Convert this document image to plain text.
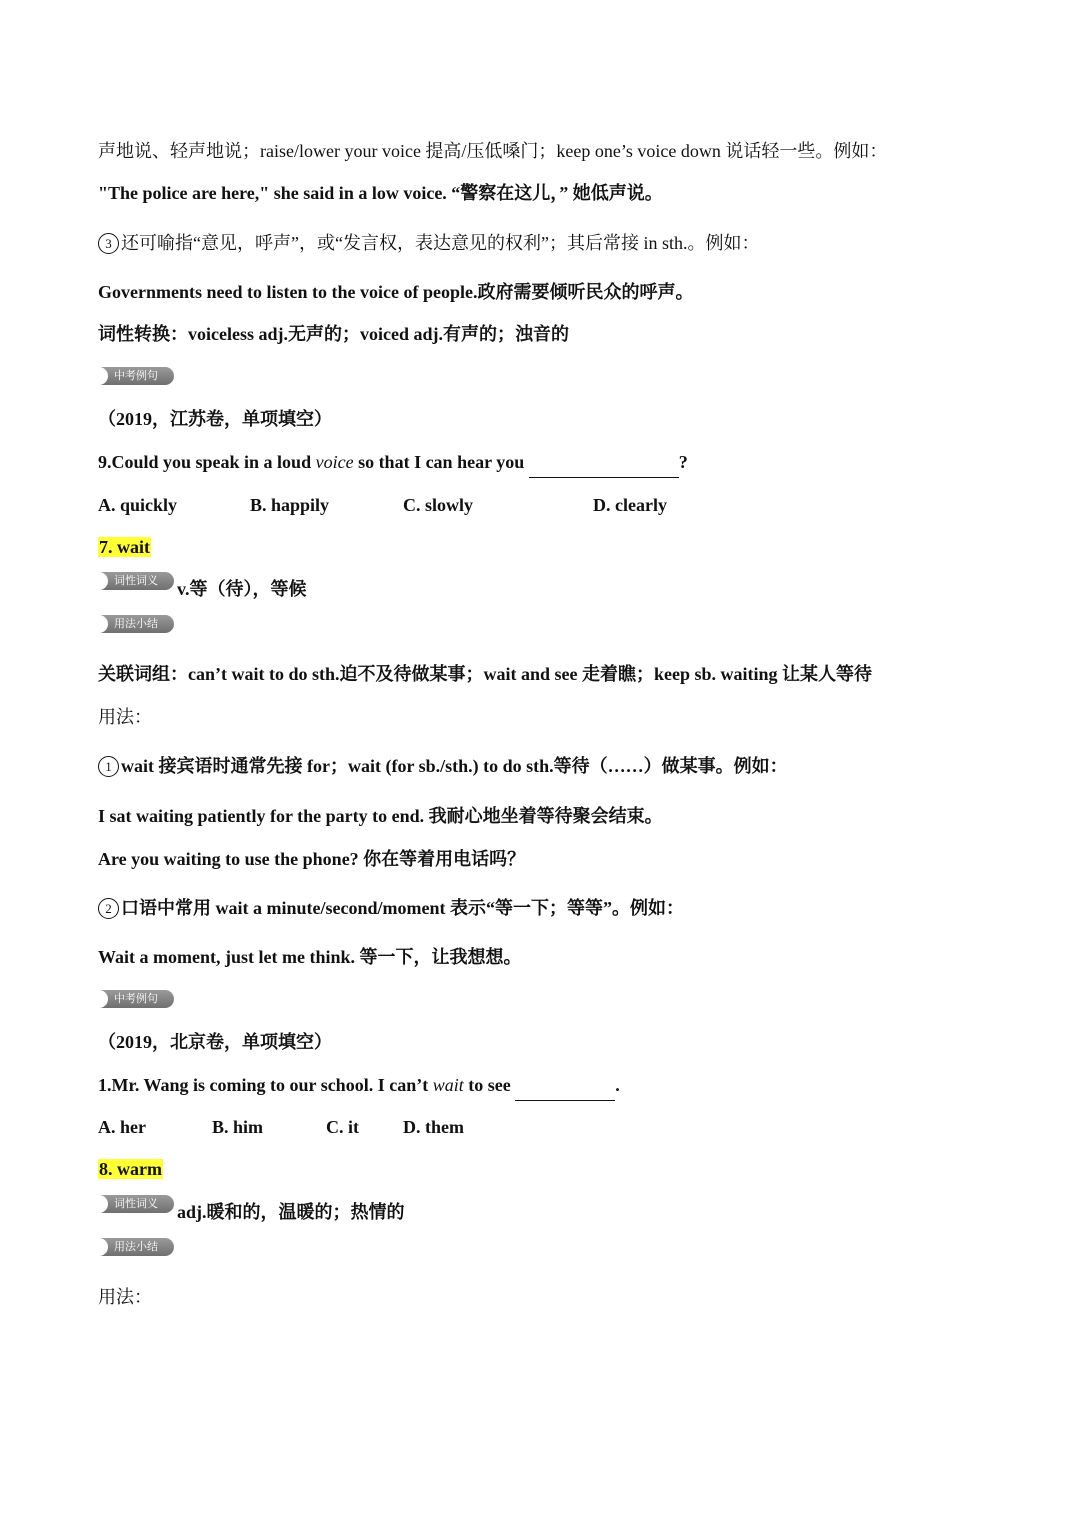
声地说、轻声地说；raise/lower your voice 提高/压低嗓门；keep one’s voice down 说话轻一些。例如：
"The police are here," she said in a low voice. “警察在这儿，” 她低声说。
3 还可喻指“意见，呼声”，或“发言权，表达意见的权利”；其后常接 in sth.。例如：
Governments need to listen to the voice of people.政府需要倾听民众的呼声。
词性转换：voiceless adj.无声的；voiced adj.有声的；浊音的
中考例句
（2019，江苏卷，单项填空）
9.Could you speak in a loud voice so that I can hear you	?
A. quickly	B. happily	C. slowly	D. clearly
7. wait
词性词义	v.等（待），等候
用法小结
关联词组：can’t wait to do sth.迫不及待做某事；wait and see 走着瞧；keep sb. waiting 让某人等待
用法：
1 wait 接宾语时通常先接 for；wait (for sb./sth.) to do sth.等待（……）做某事。例如：
I sat waiting patiently for the party to end. 我耐心地坐着等待聚会结束。
Are you waiting to use the phone? 你在等着用电话吗？
2 口语中常用 wait a minute/second/moment 表示“等一下；等等”。例如：
Wait a moment, just let me think. 等一下，让我想想。
中考例句
（2019，北京卷，单项填空）
1.Mr. Wang is coming to our school. I can’t wait to see	.
A. her	B. him	C. it D. them
8. warm
词性词义	adj.暖和的，温暖的；热情的
用法小结
用法：
